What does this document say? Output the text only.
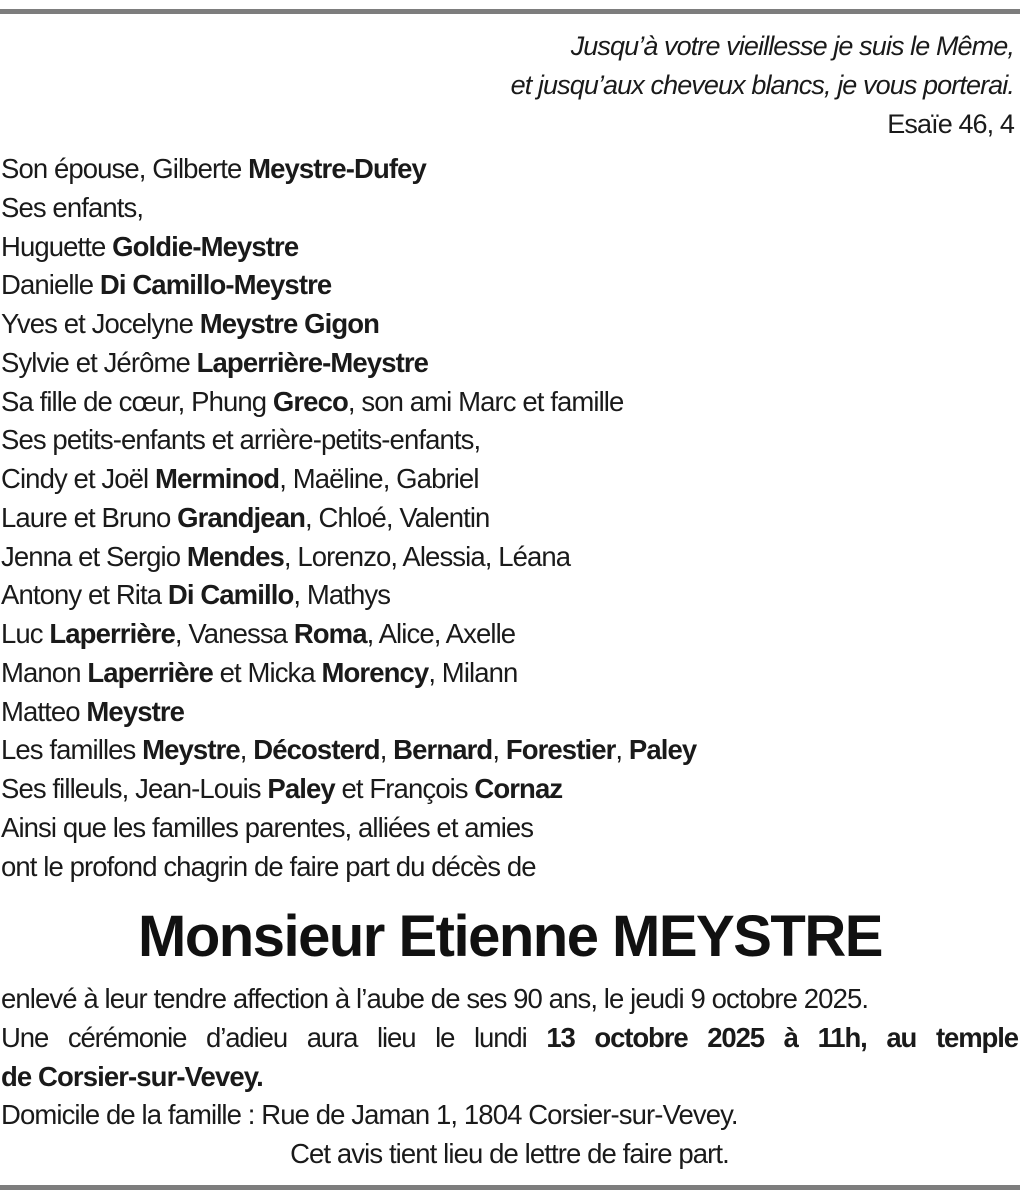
Jusqu’à votre vieillesse je suis le Même,
et jusqu’aux cheveux blancs, je vous porterai.
Esaïe 46, 4
Son épouse, Gilberte Meystre-Dufey
Ses enfants,
Huguette Goldie-Meystre
Danielle Di Camillo-Meystre
Yves et Jocelyne Meystre Gigon
Sylvie et Jérôme Laperrière-Meystre
Sa fille de cœur, Phung Greco, son ami Marc et famille
Ses petits-enfants et arrière-petits-enfants,
Cindy et Joël Merminod, Maëline, Gabriel
Laure et Bruno Grandjean, Chloé, Valentin
Jenna et Sergio Mendes, Lorenzo, Alessia, Léana
Antony et Rita Di Camillo, Mathys
Luc Laperrière, Vanessa Roma, Alice, Axelle
Manon Laperrière et Micka Morency, Milann
Matteo Meystre
Les familles Meystre, Décosterd, Bernard, Forestier, Paley
Ses filleuls, Jean-Louis Paley et François Cornaz
Ainsi que les familles parentes, alliées et amies
ont le profond chagrin de faire part du décès de
Monsieur Etienne MEYSTRE
enlevé à leur tendre affection à l’aube de ses 90 ans, le jeudi 9 octobre 2025.
Une cérémonie d’adieu aura lieu le lundi 13 octobre 2025 à 11h, au temple
de Corsier-sur-Vevey.
Domicile de la famille : Rue de Jaman 1, 1804 Corsier-sur-Vevey.
Cet avis tient lieu de lettre de faire part.
